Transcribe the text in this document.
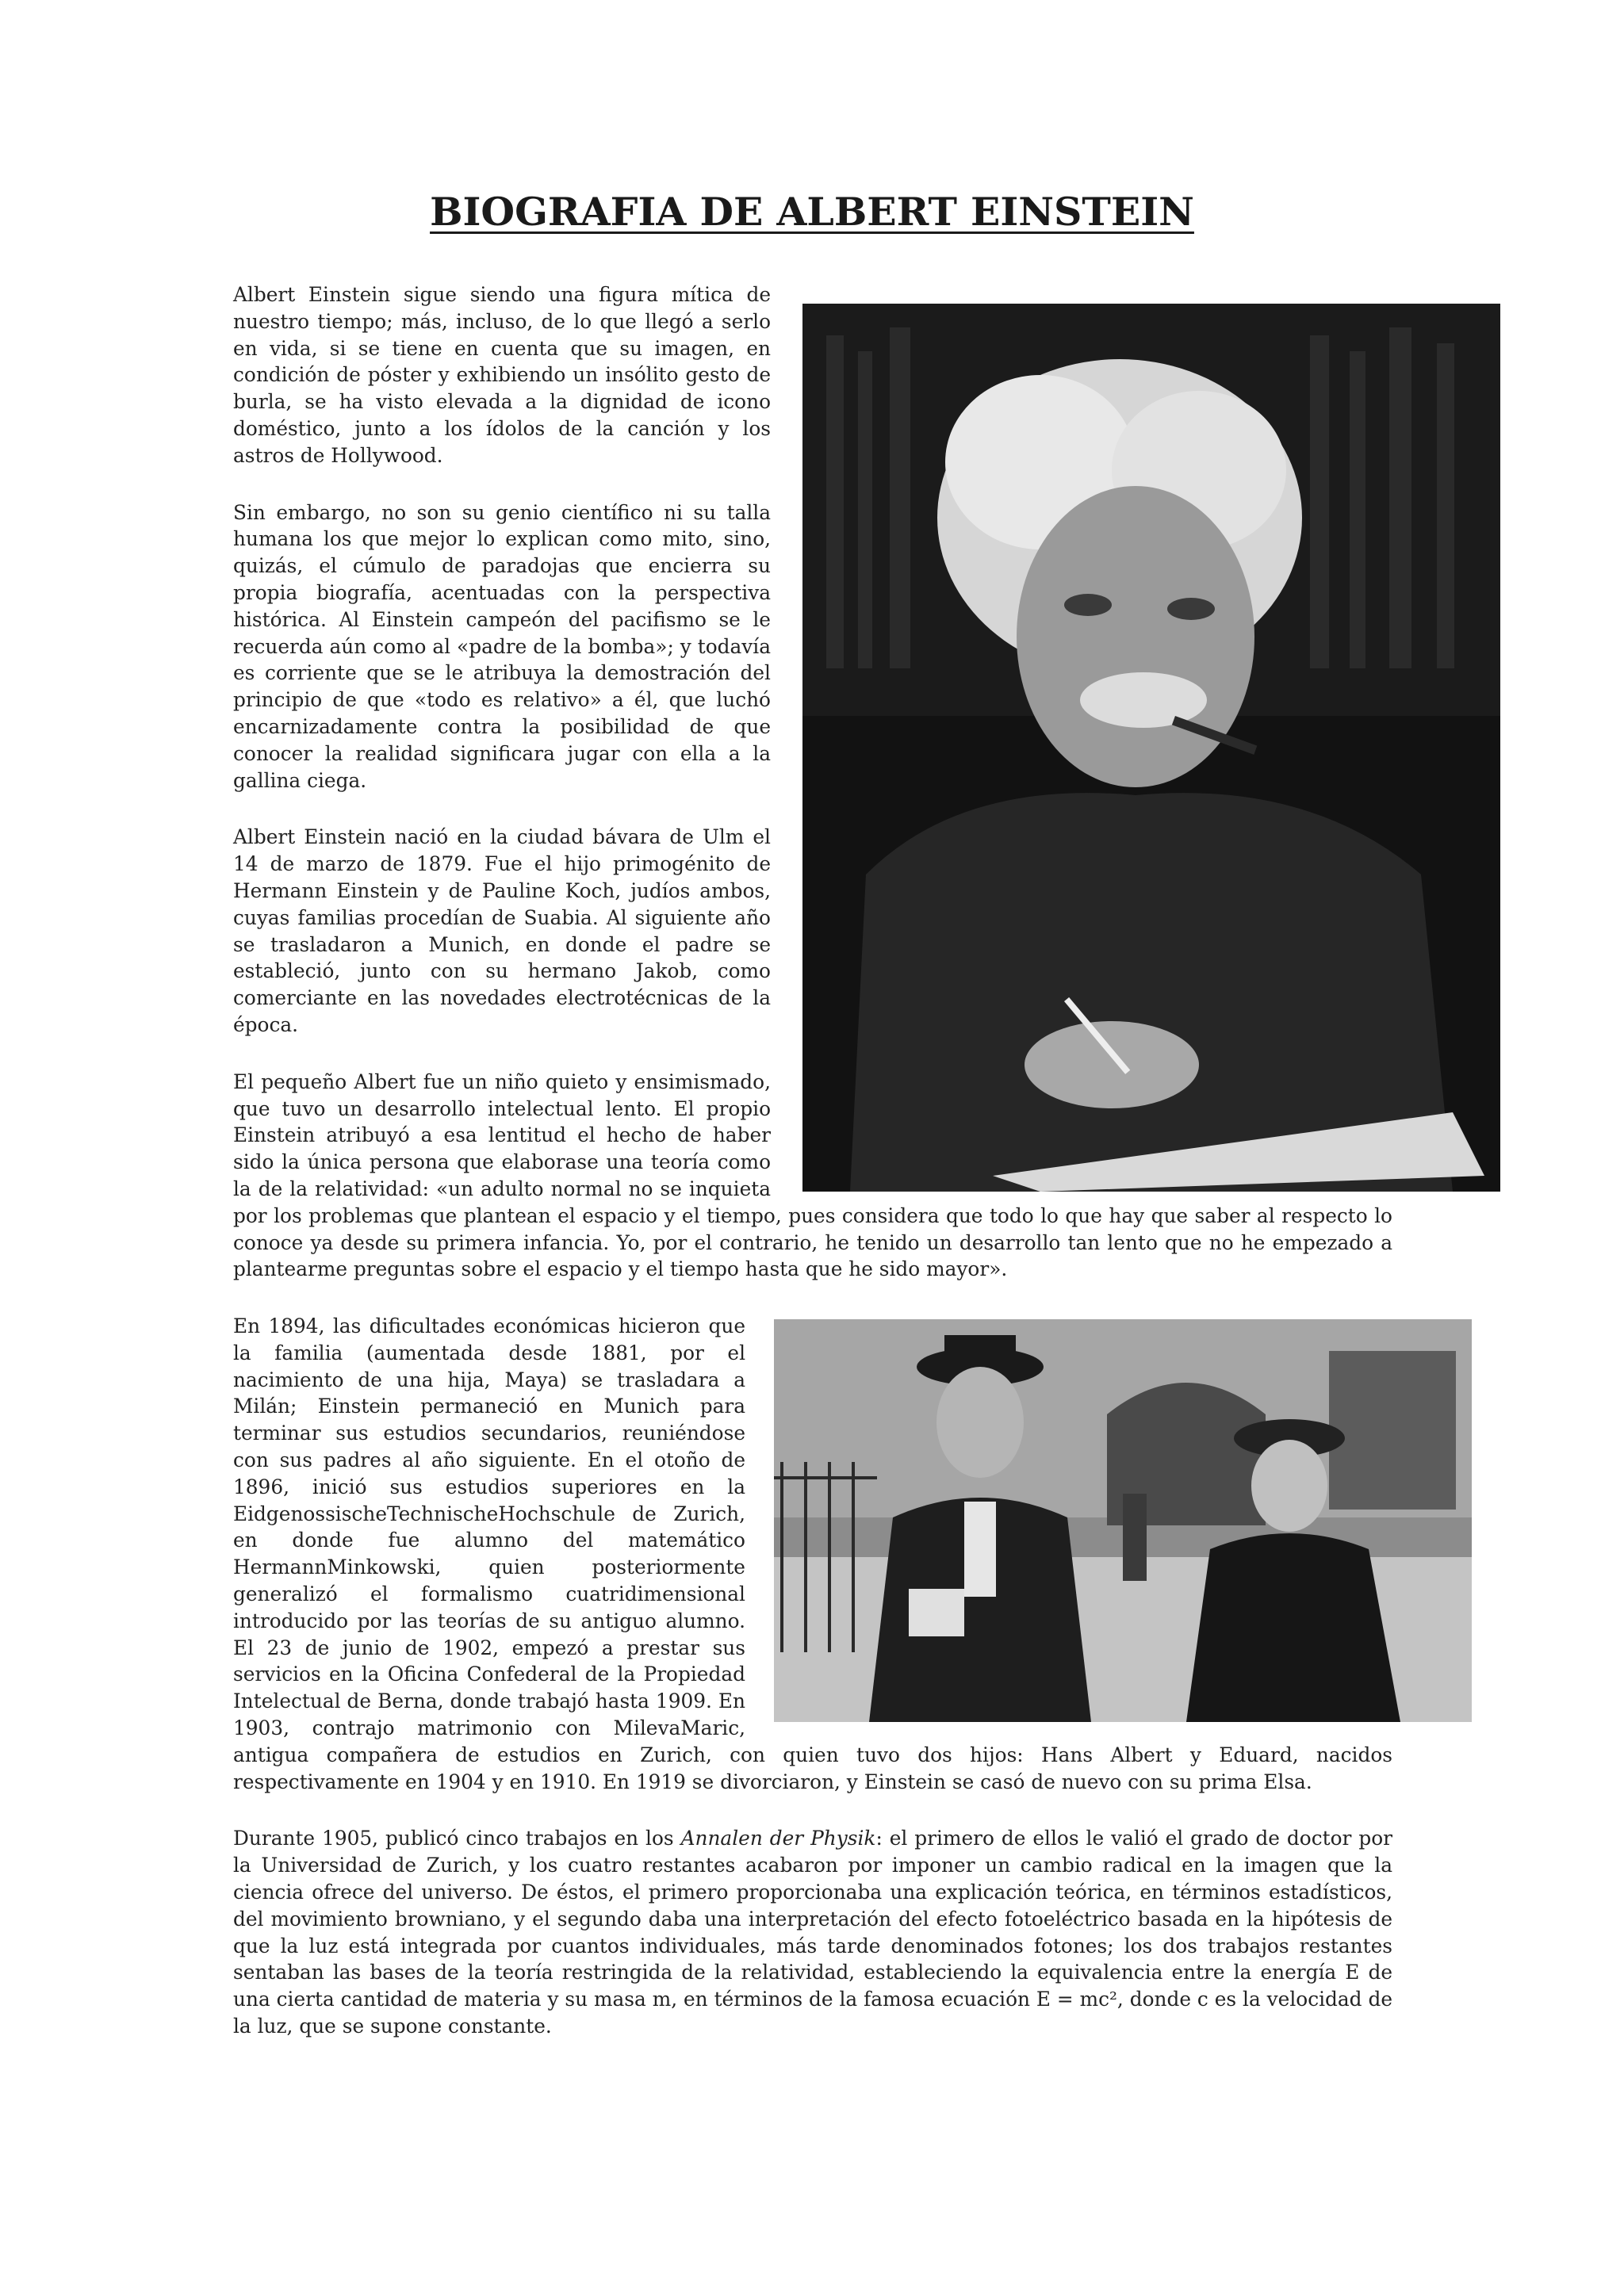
BIOGRAFIA DE ALBERT EINSTEIN

Albert Einstein sigue siendo una figura mítica de nuestro tiempo; más, incluso, de lo que llegó a serlo en vida, si se tiene en cuenta que su imagen, en condición de póster y exhibiendo un insólito gesto de burla, se ha visto elevada a la dignidad de icono doméstico, junto a los ídolos de la canción y los astros de Hollywood.

Sin embargo, no son su genio científico ni su talla humana los que mejor lo explican como mito, sino, quizás, el cúmulo de paradojas que encierra su propia biografía, acentuadas con la perspectiva histórica. Al Einstein campeón del pacifismo se le recuerda aún como al «padre de la bomba»; y todavía es corriente que se le atribuya la demostración del principio de que «todo es relativo» a él, que luchó encarnizadamente contra la posibilidad de que conocer la realidad significara jugar con ella a la gallina ciega.

Albert Einstein nació en la ciudad bávara de Ulm el 14 de marzo de 1879. Fue el hijo primogénito de Hermann Einstein y de Pauline Koch, judíos ambos, cuyas familias procedían de Suabia. Al siguiente año se trasladaron a Munich, en donde el padre se estableció, junto con su hermano Jakob, como comerciante en las novedades electrotécnicas de la época.

El pequeño Albert fue un niño quieto y ensimismado, que tuvo un desarrollo intelectual lento. El propio Einstein atribuyó a esa lentitud el hecho de haber sido la única persona que elaborase una teoría como la de la relatividad: «un adulto normal no se inquieta por los problemas que plantean el espacio y el tiempo, pues considera que todo lo que hay que saber al respecto lo conoce ya desde su primera infancia. Yo, por el contrario, he tenido un desarrollo tan lento que no he empezado a plantearme preguntas sobre el espacio y el tiempo hasta que he sido mayor».

En 1894, las dificultades económicas hicieron que la familia (aumentada desde 1881, por el nacimiento de una hija, Maya) se trasladara a Milán; Einstein permaneció en Munich para terminar sus estudios secundarios, reuniéndose con sus padres al año siguiente. En el otoño de 1896, inició sus estudios superiores en la EidgenossischeTechnischeHochschule de Zurich, en donde fue alumno del matemático HermannMinkowski, quien posteriormente generalizó el formalismo cuatridimensional introducido por las teorías de su antiguo alumno. El 23 de junio de 1902, empezó a prestar sus servicios en la Oficina Confederal de la Propiedad Intelectual de Berna, donde trabajó hasta 1909. En 1903, contrajo matrimonio con MilevaMaric, antigua compañera de estudios en Zurich, con quien tuvo dos hijos: Hans Albert y Eduard, nacidos respectivamente en 1904 y en 1910. En 1919 se divorciaron, y Einstein se casó de nuevo con su prima Elsa.

Durante 1905, publicó cinco trabajos en los Annalen der Physik: el primero de ellos le valió el grado de doctor por la Universidad de Zurich, y los cuatro restantes acabaron por imponer un cambio radical en la imagen que la ciencia ofrece del universo. De éstos, el primero proporcionaba una explicación teórica, en términos estadísticos, del movimiento browniano, y el segundo daba una interpretación del efecto fotoeléctrico basada en la hipótesis de que la luz está integrada por cuantos individuales, más tarde denominados fotones; los dos trabajos restantes sentaban las bases de la teoría restringida de la relatividad, estableciendo la equivalencia entre la energía E de una cierta cantidad de materia y su masa m, en términos de la famosa ecuación E = mc², donde c es la velocidad de la luz, que se supone constante.
